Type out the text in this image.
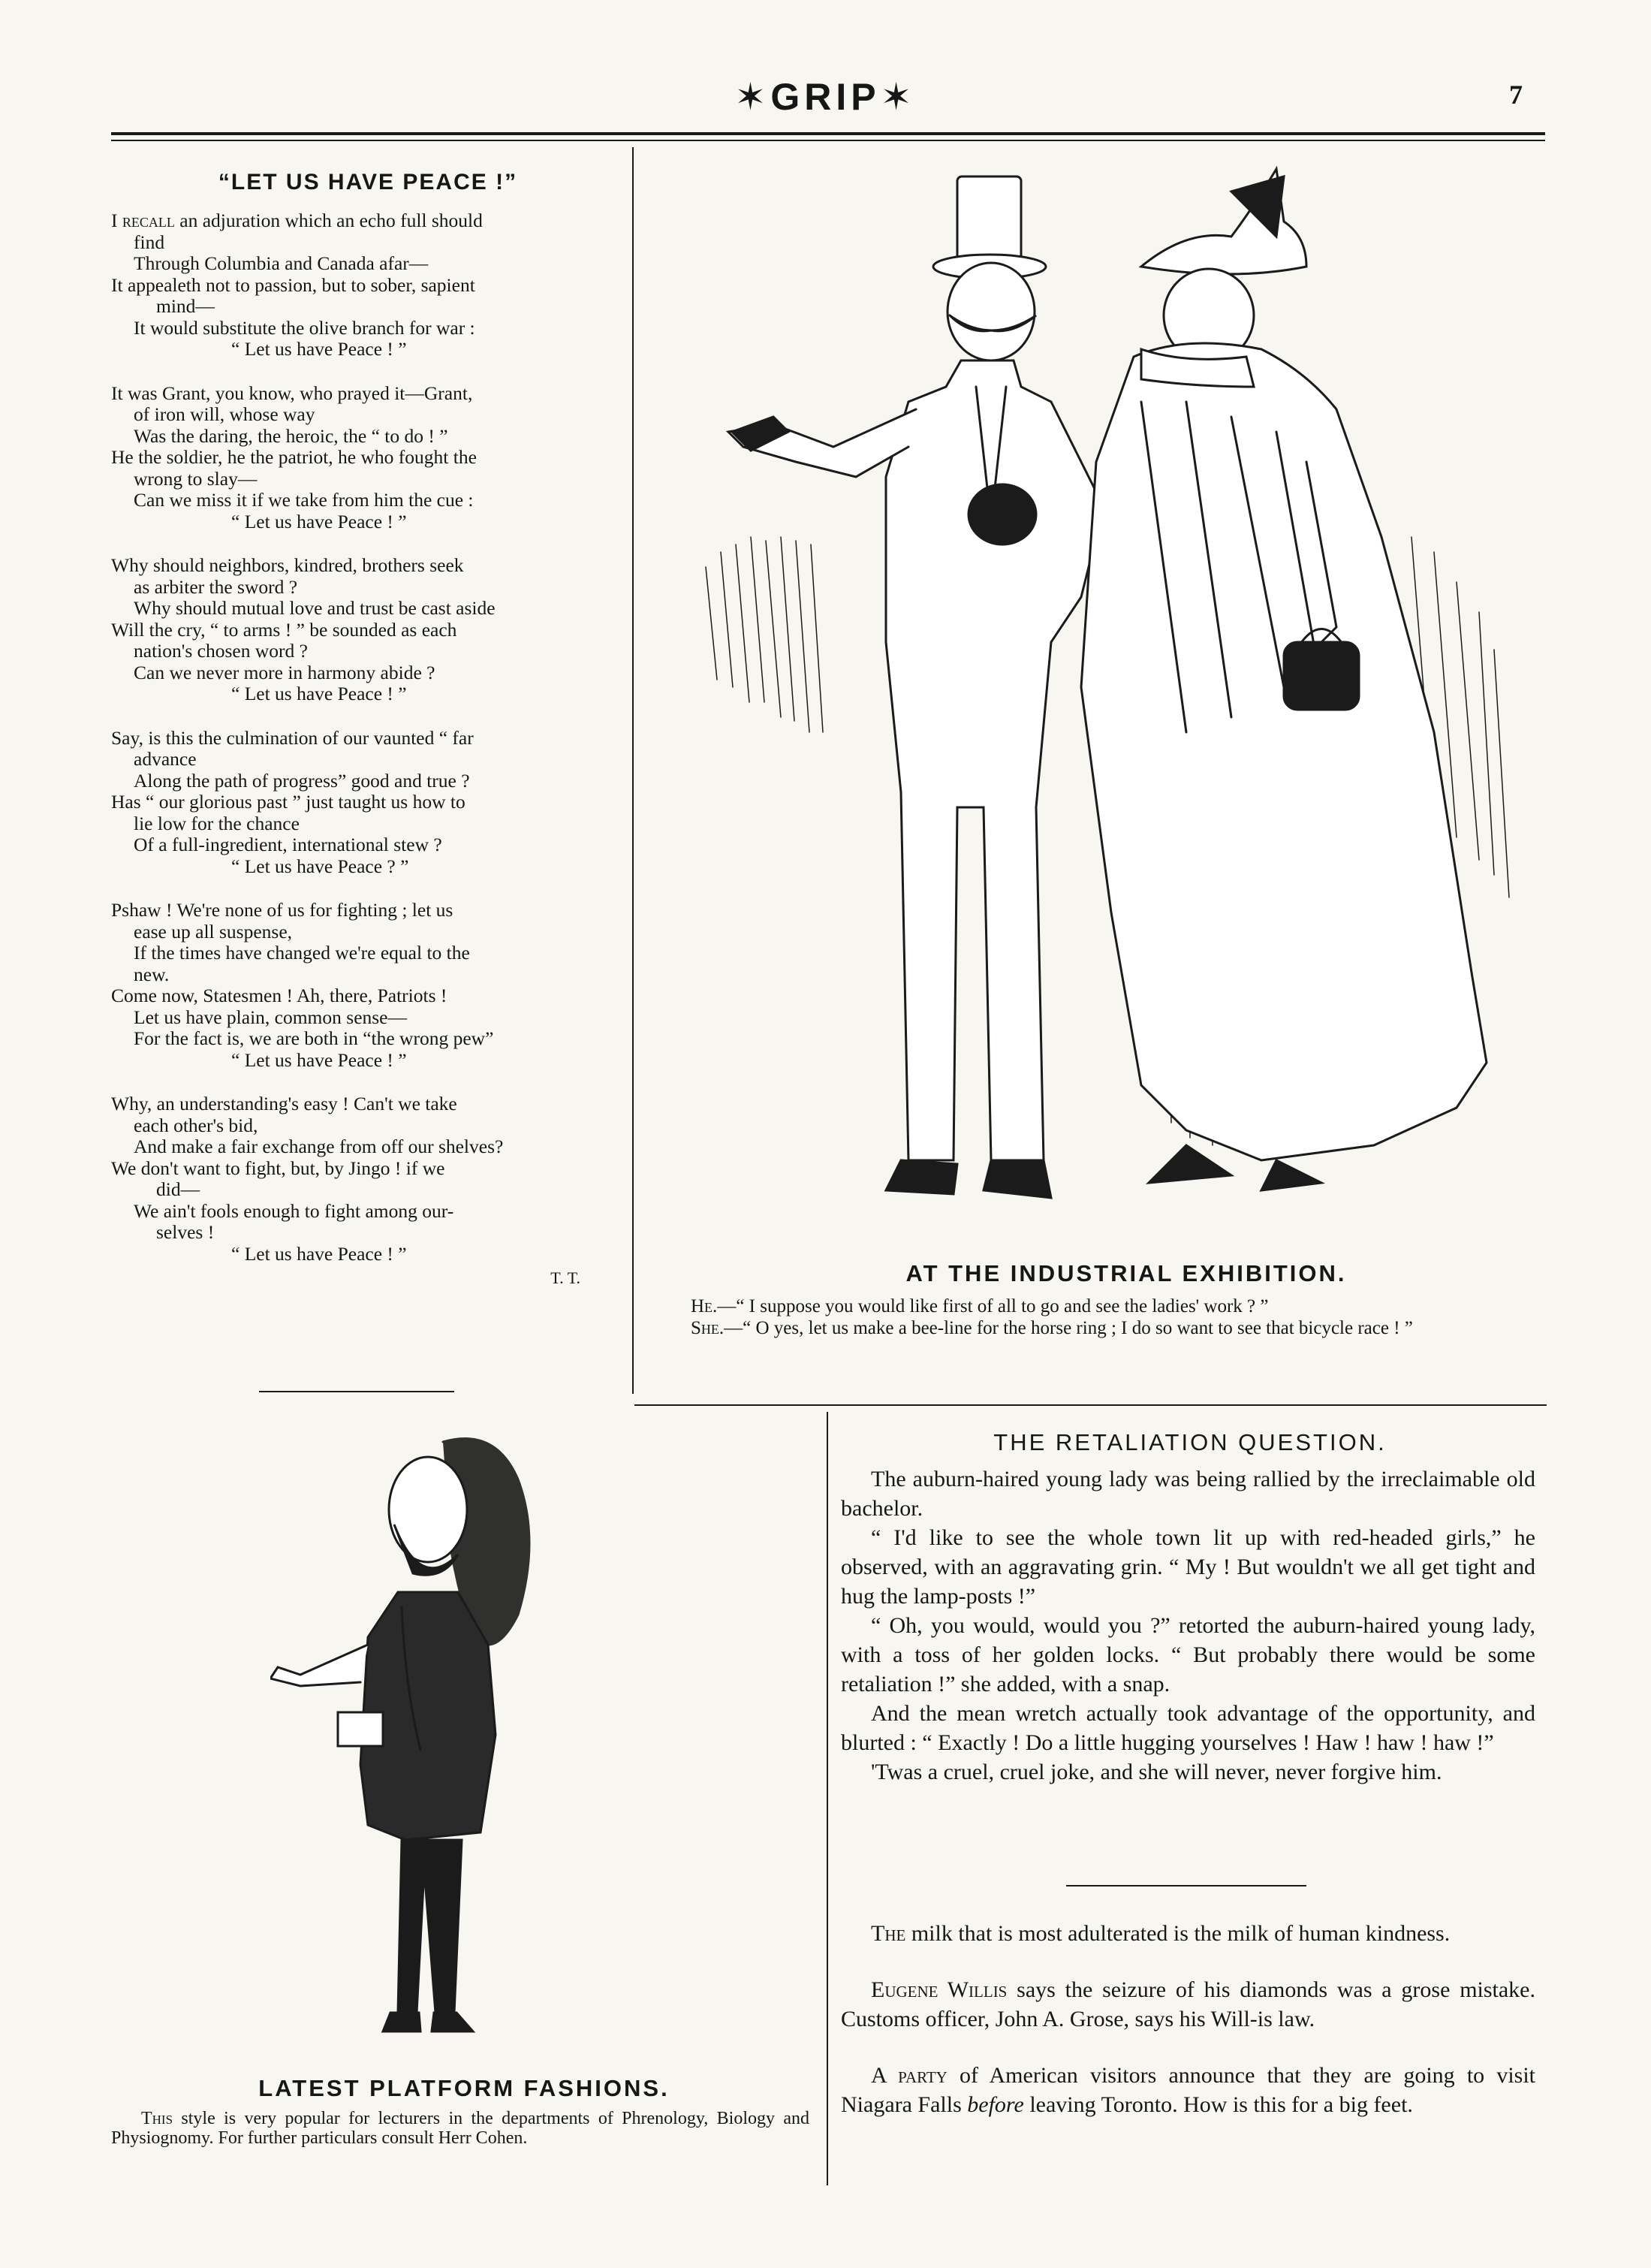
✶GRIP✶	7
“LET US HAVE PEACE !”
I recall an adjuration which an echo full should
find
Through Columbia and Canada afar—
It appealeth not to passion, but to sober, sapient
mind—
It would substitute the olive branch for war :
“ Let us have Peace ! ”
It was Grant, you know, who prayed it—Grant,
of iron will, whose way
Was the daring, the heroic, the “ to do ! ”
He the soldier, he the patriot, he who fought the
wrong to slay—
Can we miss it if we take from him the cue :
“ Let us have Peace ! ”
Why should neighbors, kindred, brothers seek
as arbiter the sword ?
Why should mutual love and trust be cast aside
Will the cry, “ to arms ! ” be sounded as each
nation's chosen word ?
Can we never more in harmony abide ?
“ Let us have Peace ! ”
Say, is this the culmination of our vaunted “ far
advance
Along the path of progress” good and true ?
Has “ our glorious past ” just taught us how to
lie low for the chance
Of a full-ingredient, international stew ?
“ Let us have Peace ? ”
Pshaw ! We're none of us for fighting ; let us
ease up all suspense,
If the times have changed we're equal to the
new.
Come now, Statesmen ! Ah, there, Patriots !
Let us have plain, common sense—
For the fact is, we are both in “the wrong pew”
“ Let us have Peace ! ”
Why, an understanding's easy ! Can't we take
each other's bid,
And make a fair exchange from off our shelves?
We don't want to fight, but, by Jingo ! if we
did—
We ain't fools enough to fight among our-
selves !
“ Let us have Peace ! ”
T. T.	AT THE INDUSTRIAL EXHIBITION.
He.—“ I suppose you would like first of all to go and see the ladies' work ? ”
She.—“ O yes, let us make a bee-line for the horse ring ; I do so want to see that bicycle race ! ”
LATEST PLATFORM FASHIONS.
This style is very popular for lecturers in the departments of Phrenology, Biology and Physiognomy. For further particulars consult Herr Cohen.
THE RETALIATION QUESTION.

The auburn-haired young lady was being rallied by the irreclaimable old bachelor.

“ I'd like to see the whole town lit up with red-headed girls,” he observed, with an aggravating grin. “ My ! But wouldn't we all get tight and hug the lamp-posts !”

“ Oh, you would, would you ?” retorted the auburn-haired young lady, with a toss of her golden locks. “ But probably there would be some retaliation !” she added, with a snap.

And the mean wretch actually took advantage of the opportunity, and blurted : “ Exactly ! Do a little hugging yourselves ! Haw ! haw ! haw !”

'Twas a cruel, cruel joke, and she will never, never forgive him.

The milk that is most adulterated is the milk of human kindness.

Eugene Willis says the seizure of his diamonds was a grose mistake. Customs officer, John A. Grose, says his Will-is law.

A party of American visitors announce that they are going to visit Niagara Falls before leaving Toronto. How is this for a big feet.
